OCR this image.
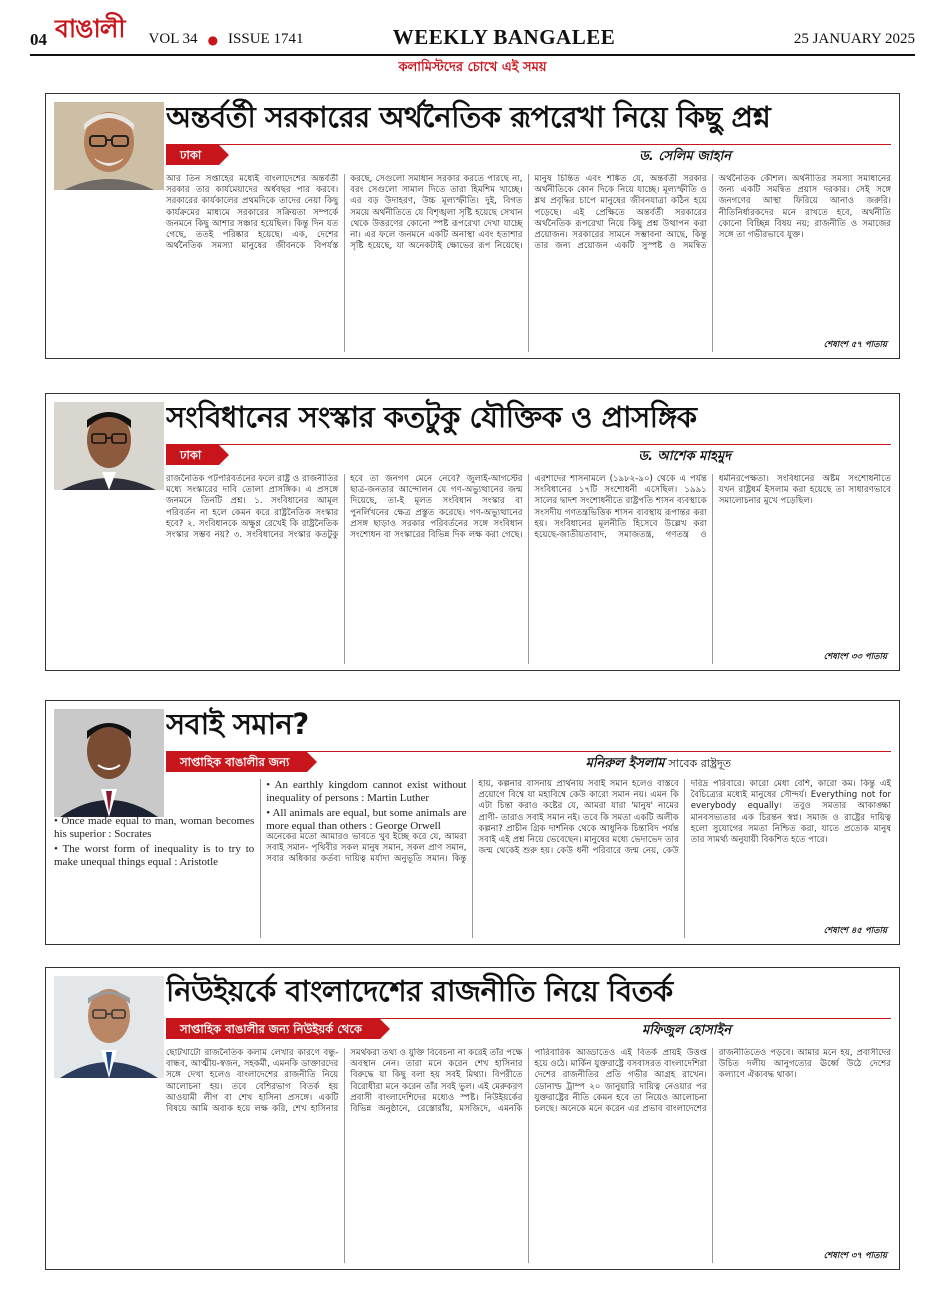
04 বাঙালী VOL 34 ● ISSUE 1741	WEEKLY BANGALEE	25 JANUARY 2025
কলামিস্টদের চোখে এই সময়
অন্তর্বর্তী সরকারের অর্থনৈতিক রূপরেখা নিয়ে কিছু প্রশ্ন
ঢাকা	ড. সেলিম জাহান

আর তিন সপ্তাহের মধ্যেই বাংলাদেশের অন্তর্বর্তী সরকার তার কার্যমেয়াদের অর্ধবছর পার করবে। সরকারের কার্যকালের প্রথমদিকে তাদের নেয়া কিছু কার্যক্রমের মাধ্যমে সরকারের সক্রিয়তা সম্পর্কে জনমনে কিছু আশার সঞ্চার হয়েছিল। কিন্তু দিন যত গেছে, ততই পরিষ্কার হয়েছে। এক, দেশের অর্থনৈতিক সমস্যা মানুষের জীবনকে বিপর্যস্ত করছে, সেগুলো সমাধান সরকার করতে পারছে না, বরং সেগুলো সামাল দিতে তারা হিমশিম খাচ্ছে। এর বড় উদাহরণ, উচ্চ মূল্যস্ফীতি। দুই, বিগত সময়ে অর্থনীতিতে যে বিশৃঙ্খলা সৃষ্টি হয়েছে সেখান থেকে উত্তরণের কোনো স্পষ্ট রূপরেখা দেখা যাচ্ছে না। এর ফলে জনমনে একটি অনাস্থা এবং হতাশার সৃষ্টি হয়েছে, যা অনেকটাই ক্ষোভের রূপ নিয়েছে। মানুষ চিন্তিত এবং শঙ্কিত যে, অন্তর্বর্তী সরকার অর্থনীতিকে কোন দিকে নিয়ে যাচ্ছে। মূল্যস্ফীতি ও শ্লথ প্রবৃদ্ধির চাপে মানুষের জীবনযাত্রা কঠিন হয়ে পড়েছে। এই প্রেক্ষিতে অন্তর্বর্তী সরকারের অর্থনৈতিক রূপরেখা নিয়ে কিছু প্রশ্ন উত্থাপন করা প্রয়োজন। সরকারের সামনে সম্ভাবনা আছে, কিন্তু তার জন্য প্রয়োজন একটি সুস্পষ্ট ও সমন্বিত অর্থনৈতিক কৌশল। অর্থনীতির সমস্যা সমাধানের জন্য একটি সমন্বিত প্রয়াস দরকার। সেই সঙ্গে জনগণের আস্থা ফিরিয়ে আনাও জরুরি। নীতিনির্ধারকদের মনে রাখতে হবে, অর্থনীতি কোনো বিচ্ছিন্ন বিষয় নয়; রাজনীতি ও সমাজের সঙ্গে তা গভীরভাবে যুক্ত।

শেষাংশ ৫৭ পাতায়
সংবিধানের সংস্কার কতটুকু যৌক্তিক ও প্রাসঙ্গিক
ঢাকা	ড. আশেক মাহমুদ

রাজনৈতিক পটপরিবর্তনের ফলে রাষ্ট্র ও রাজনীতির মধ্যে সংস্কারের দাবি তোলা প্রাসঙ্গিক। এ প্রসঙ্গে জনমনে তিনটি প্রশ্ন। ১. সংবিধানের আমূল পরিবর্তন না হলে কেমন করে রাষ্ট্রনৈতিক সংস্কার হবে? ২. সংবিধানকে অক্ষুণ্ণ রেখেই কি রাষ্ট্রনৈতিক সংস্কার সম্ভব নয়? ৩. সংবিধানের সংস্কার কতটুকু হবে তা জনগণ মেনে নেবে? জুলাই-আগস্টের ছাত্র-জনতার আন্দোলন যে গণ-অভ্যুত্থানের জন্ম দিয়েছে, তা-ই মূলত সংবিধান সংস্কার বা পুনর্লিখনের ক্ষেত্র প্রস্তুত করেছে। গণ-অভ্যুত্থানের প্রসঙ্গ ছাড়াও সরকার পরিবর্তনের সঙ্গে সংবিধান সংশোধন বা সংস্কারের বিভিন্ন দিক লক্ষ করা গেছে। এরশাদের শাসনামলে (১৯৮২-৯০) থেকে এ পর্যন্ত সংবিধানের ১৭টি সংশোধনী এসেছিল। ১৯৯১ সালের দ্বাদশ সংশোধনীতে রাষ্ট্রপতি শাসন ব্যবস্থাকে সংসদীয় গণতন্ত্রভিত্তিক শাসন ব্যবস্থায় রূপান্তর করা হয়। সংবিধানের মূলনীতি হিসেবে উল্লেখ করা হয়েছে-জাতীয়তাবাদ, সমাজতন্ত্র, গণতন্ত্র ও ধর্মনিরপেক্ষতা। সংবিধানের অষ্টম সংশোধনীতে যখন রাষ্ট্রধর্ম ইসলাম করা হয়েছে তা সাধারণভাবে সমালোচনার মুখে পড়েছিল।

শেষাংশ ৩৩ পাতায়
সবাই সমান?
সাপ্তাহিক বাঙালীর জন্য	মনিরুল ইসলাম সাবেক রাষ্ট্রদূত

• Once made equal to man, woman becomes his superior : Socrates

• The worst form of inequality is to try to make unequal things equal : Aristotle

• An earthly kingdom cannot exist without inequality of persons : Martin Luther

• All animals are equal, but some animals are more equal than others : George Orwell

অনেকের মতো আমারও ভাবতে খুব ইচ্ছে করে যে, আমরা সবাই সমান- পৃথিবীর সকল মানুষ সমান, সকল প্রাণ সমান, সবার অধিকার কর্তব্য দায়িত্ব মর্যাদা অনুভূতি সমান। কিন্তু হায়, কল্পনার বাসনায় প্রার্থনায় সবাই সমান হলেও বাস্তবে প্রয়োগে বিশ্বে যা মহাবিশ্বে কেউ কারো সমান নয়। এমন কি এটা চিন্তা করাও কষ্টের যে, আমরা যারা 'মানুষ' নামের প্রাণী- তারাও সবাই সমান নই। তবে কি সমতা একটি অলীক কল্পনা? প্রাচীন গ্রিক দার্শনিক থেকে আধুনিক চিন্তাবিদ পর্যন্ত সবাই এই প্রশ্ন নিয়ে ভেবেছেন। মানুষের মধ্যে ভেদাভেদ তার জন্ম থেকেই শুরু হয়। কেউ ধনী পরিবারে জন্ম নেয়, কেউ দরিদ্র পরিবারে। কারো মেধা বেশি, কারো কম। কিন্তু এই বৈচিত্র্যের মধ্যেই মানুষের সৌন্দর্য। Everything not for everybody equally। তবুও সমতার আকাঙ্ক্ষা মানবসভ্যতার এক চিরন্তন স্বপ্ন। সমাজ ও রাষ্ট্রের দায়িত্ব হলো সুযোগের সমতা নিশ্চিত করা, যাতে প্রত্যেক মানুষ তার সামর্থ্য অনুযায়ী বিকশিত হতে পারে।

শেষাংশ ৪৫ পাতায়
নিউইয়র্কে বাংলাদেশের রাজনীতি নিয়ে বিতর্ক
সাপ্তাহিক বাঙালীর জন্য নিউইয়র্ক থেকে	মফিজুল হোসাইন

ছোটখাটো রাজনৈতিক কলাম লেখার কারণে বন্ধু-বান্ধব, আত্মীয়-স্বজন, সহকর্মী, এমনকি ডাক্তারদের সঙ্গে দেখা হলেও বাংলাদেশের রাজনীতি নিয়ে আলোচনা হয়। তবে বেশিরভাগ বিতর্ক হয় আওয়ামী লীগ বা শেখ হাসিনা প্রসঙ্গে। একটি বিষয়ে আমি অবাক হয়ে লক্ষ করি, শেখ হাসিনার সমর্থকরা তথ্য ও যুক্তি বিবেচনা না করেই তাঁর পক্ষে অবস্থান নেন। তারা মনে করেন শেখ হাসিনার বিরুদ্ধে যা কিছু বলা হয় সবই মিথ্যা। বিপরীতে বিরোধীরা মনে করেন তাঁর সবই ভুল। এই মেরুকরণ প্রবাসী বাংলাদেশিদের মধ্যেও স্পষ্ট। নিউইয়র্কের বিভিন্ন অনুষ্ঠানে, রেস্তোরাঁয়, মসজিদে, এমনকি পারিবারিক আড্ডাতেও এই বিতর্ক প্রায়ই উত্তপ্ত হয়ে ওঠে। মার্কিন যুক্তরাষ্ট্রে বসবাসরত বাংলাদেশিরা দেশের রাজনীতির প্রতি গভীর আগ্রহ রাখেন। ডোনাল্ড ট্রাম্প ২০ জানুয়ারি দায়িত্ব নেওয়ার পর যুক্তরাষ্ট্রের নীতি কেমন হবে তা নিয়েও আলোচনা চলছে। অনেকে মনে করেন এর প্রভাব বাংলাদেশের রাজনীতিতেও পড়বে। আমার মনে হয়, প্রবাসীদের উচিত দলীয় আনুগত্যের ঊর্ধ্বে উঠে দেশের কল্যাণে ঐক্যবদ্ধ থাকা।

শেষাংশ ৩৭ পাতায়
